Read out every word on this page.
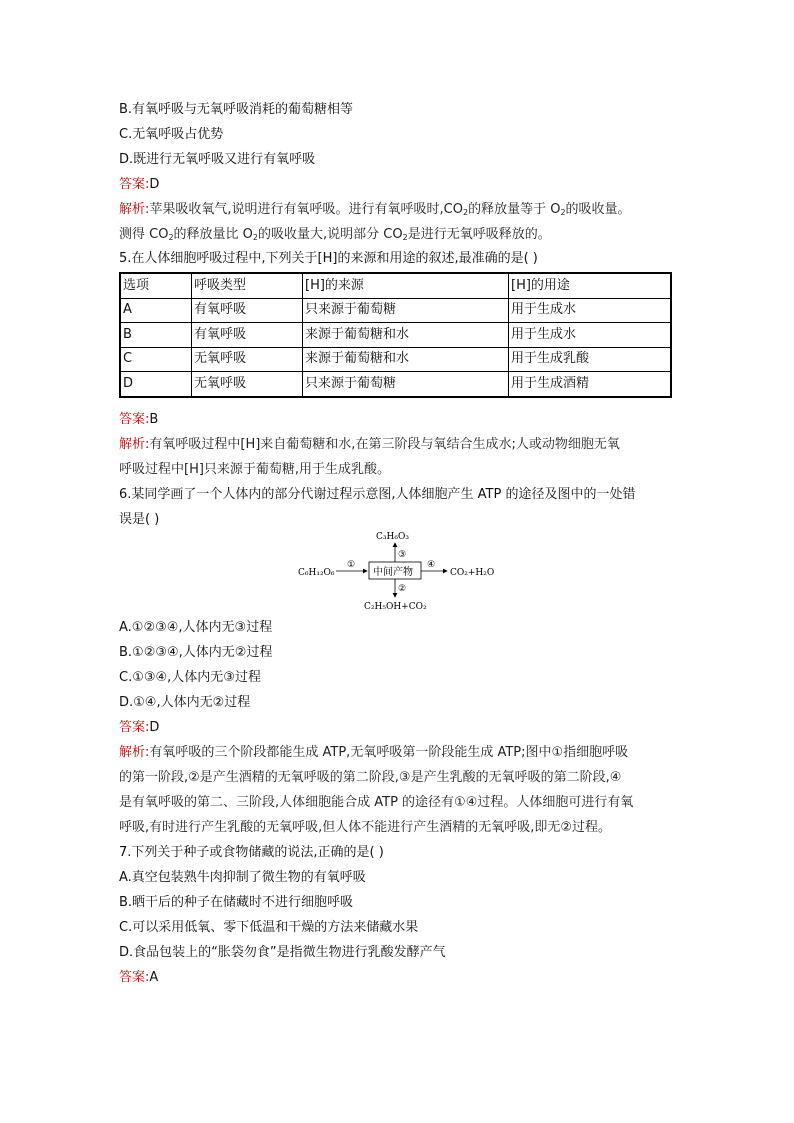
B.有氧呼吸与无氧呼吸消耗的葡萄糖相等
C.无氧呼吸占优势
D.既进行无氧呼吸又进行有氧呼吸
答案:D
解析:苹果吸收氧气,说明进行有氧呼吸。进行有氧呼吸时$,CO_2$的释放量等于 $O_2$的吸收量。
测得 $CO_2$的释放量比 $O_2$的吸收量大,说明部分 $CO_2$是进行无氧呼吸释放的。
5.在人体细胞呼吸过程中,下列关于[H]的来源和用途的叙述,最准确的是( )
选项	呼吸类型	[H]的来源	[H]的用途
A	有氧呼吸	只来源于葡萄糖	用于生成水
B	有氧呼吸	来源于葡萄糖和水	用于生成水
C	无氧呼吸	来源于葡萄糖和水	用于生成乳酸
D	无氧呼吸	只来源于葡萄糖	用于生成酒精
答案:B
解析:有氧呼吸过程中[H]来自葡萄糖和水,在第三阶段与氧结合生成水;人或动物细胞无氧
呼吸过程中[H]只来源于葡萄糖,用于生成乳酸。
6.某同学画了一个人体内的部分代谢过程示意图,人体细胞产生 ATP 的途径及图中的一处错
误是( )
C₆H₁₂O₆
①
中间产物
④
CO₂+H₂O
③
C₃H₆O₃
②
C₂H₅OH+CO₂
A.①②③④,人体内无③过程
B.①②③④,人体内无②过程
C.①③④,人体内无③过程
D.①④,人体内无②过程
答案:D
解析:有氧呼吸的三个阶段都能生成 ATP,无氧呼吸第一阶段能生成 ATP;图中①指细胞呼吸
的第一阶段,②是产生酒精的无氧呼吸的第二阶段,③是产生乳酸的无氧呼吸的第二阶段,④
是有氧呼吸的第二、三阶段,人体细胞能合成 ATP 的途径有①④过程。人体细胞可进行有氧
呼吸,有时进行产生乳酸的无氧呼吸,但人体不能进行产生酒精的无氧呼吸,即无②过程。
7.下列关于种子或食物储藏的说法,正确的是( )
A.真空包装熟牛肉抑制了微生物的有氧呼吸
B.晒干后的种子在储藏时不进行细胞呼吸
C.可以采用低氧、零下低温和干燥的方法来储藏水果
D.食品包装上的“胀袋勿食”是指微生物进行乳酸发酵产气
答案:A
